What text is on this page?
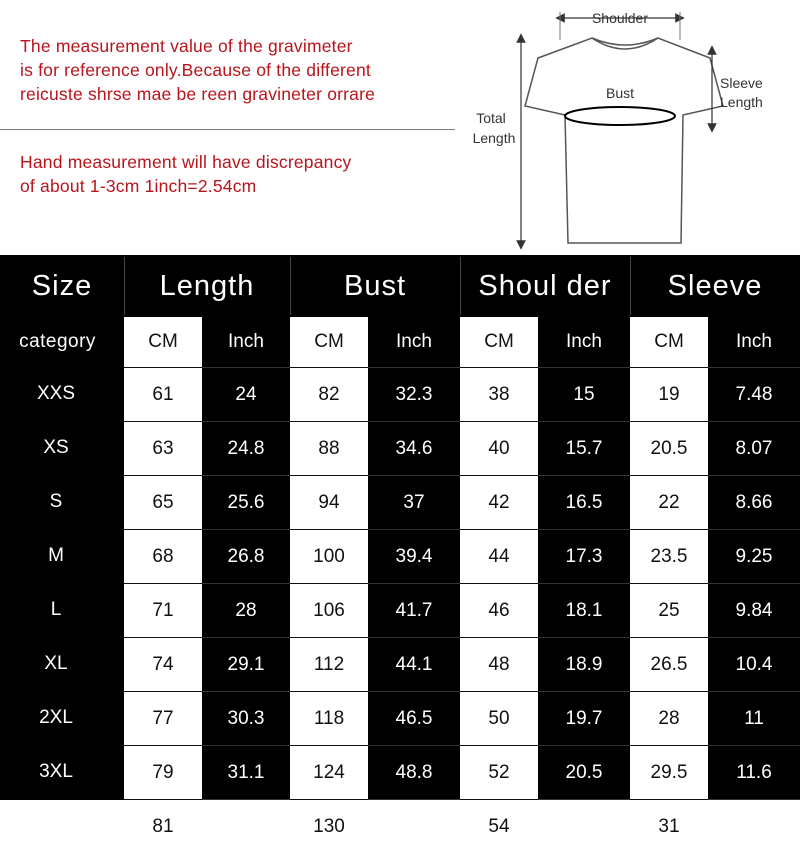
The measurement value of the gravimeter
is for reference only.Because of the different
reicuste shrse mae be reen gravineter orrare
Hand measurement will have discrepancy
of about 1-3cm 1inch=2.54cm
Shoulder
Sleeve
Length
Bust
Total
Length
Size	Length	Bust	Shoul der	Sleeve
category	CM	Inch	CM	Inch	CM	Inch	CM	Inch
XXS	61	24	82	32.3	38	15	19	7.48
XS	63	24.8	88	34.6	40	15.7	20.5	8.07
S	65	25.6	94	37	42	16.5	22	8.66
M	68	26.8	100	39.4	44	17.3	23.5	9.25
L	71	28	106	41.7	46	18.1	25	9.84
XL	74	29.1	112	44.1	48	18.9	26.5	10.4
2XL	77	30.3	118	46.5	50	19.7	28	11
3XL	79	31.1	124	48.8	52	20.5	29.5	11.6
4XL	81	31.9	130	51.2	54	21.3	31	12.2
